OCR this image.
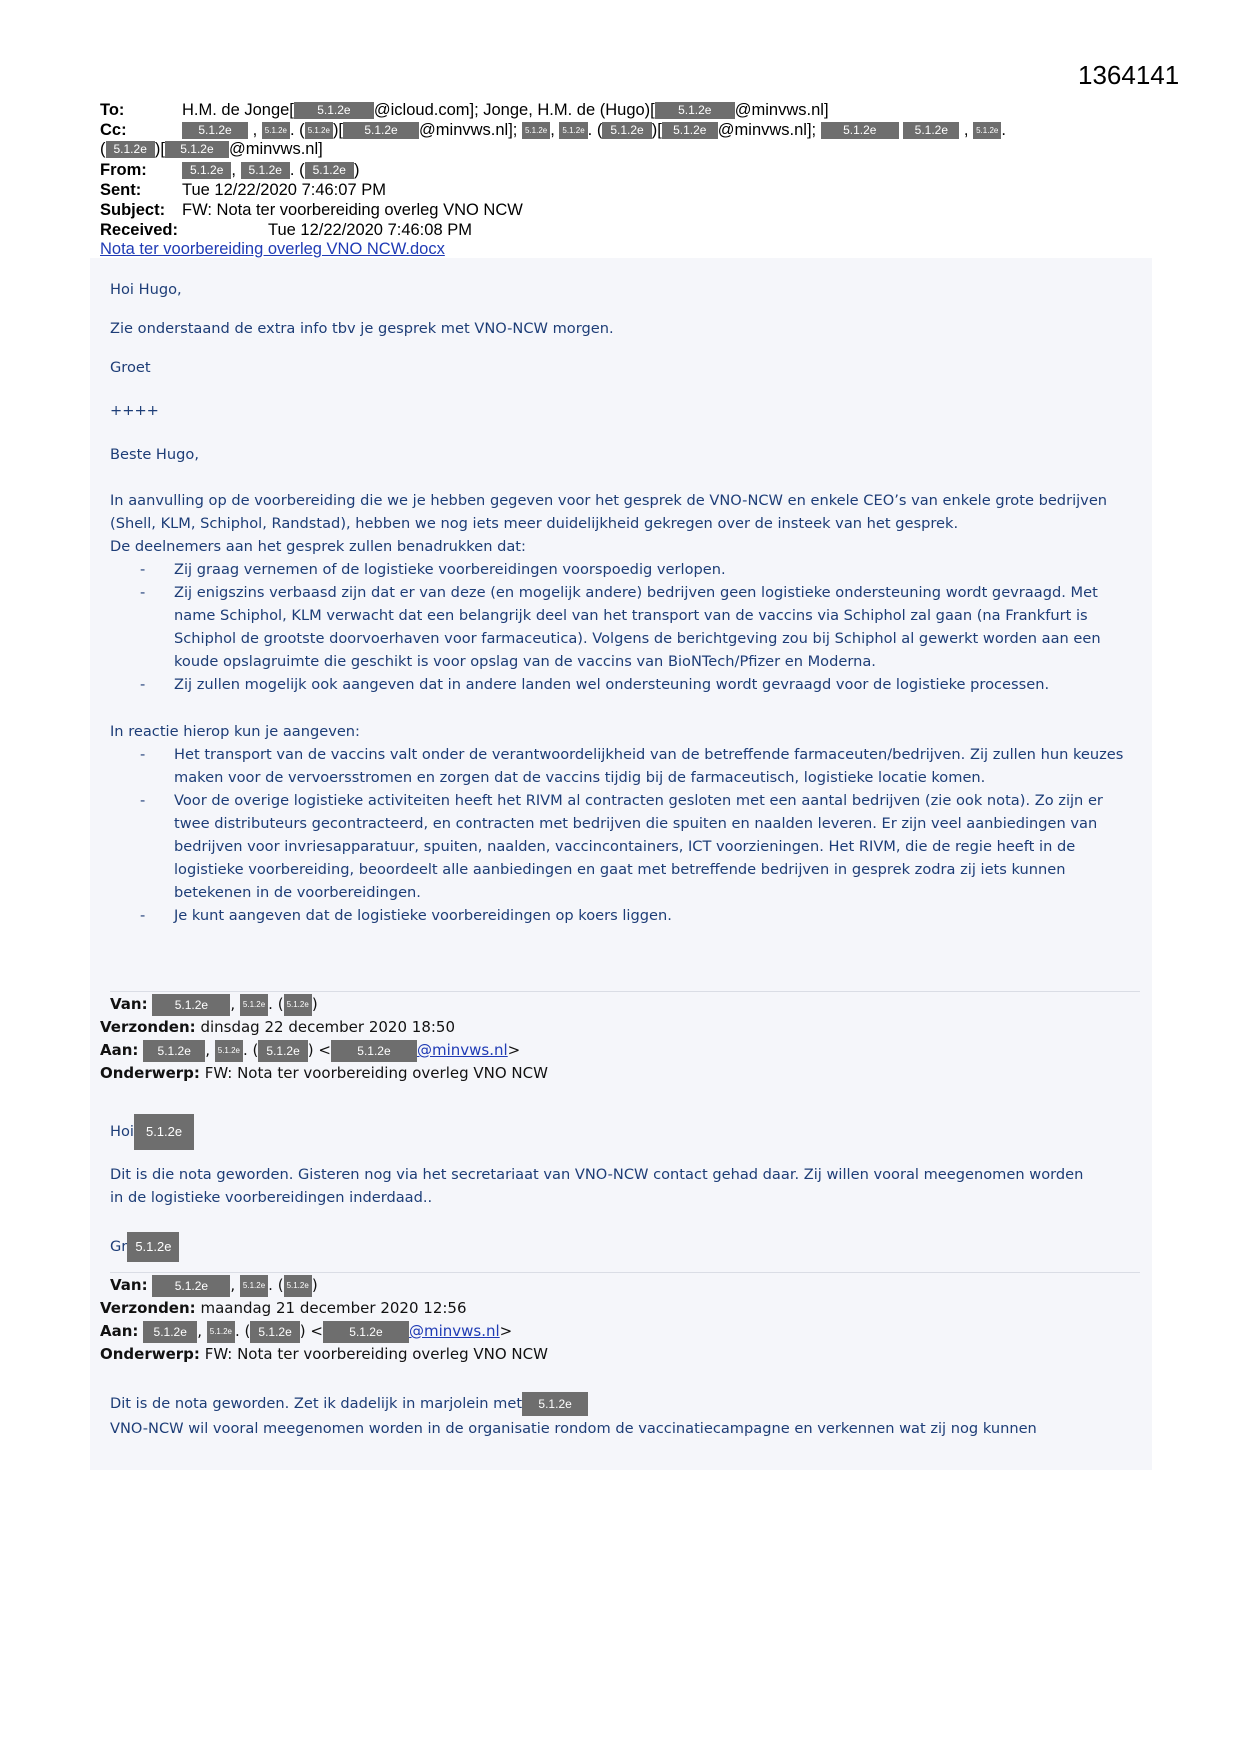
1364141
To:	H.M. de Jonge[ 5.1.2e @icloud.com]; Jonge, H.M. de (Hugo)[ 5.1.2e @minvws.nl]
Cc:	5.1.2e , 5.1.2e . ( 5.1.2e )[ 5.1.2e @minvws.nl]; 5.1.2e , 5.1.2e . ( 5.1.2e )[ 5.1.2e @minvws.nl]; 5.1.2e	5.1.2e , 5.1.2e .
( 5.1.2e )[ 5.1.2e @minvws.nl]
From:	5.1.2e , 5.1.2e . ( 5.1.2e )
Sent: Tue 12/22/2020 7:46:07 PM
Subject: FW: Nota ter voorbereiding overleg VNO NCW
Received:	Tue 12/22/2020 7:46:08 PM
Nota ter voorbereiding overleg VNO NCW.docx
Hoi Hugo,
Zie onderstaand de extra info tbv je gesprek met VNO-NCW morgen.
Groet
++++
Beste Hugo,

In aanvulling op de voorbereiding die we je hebben gegeven voor het gesprek de VNO-NCW en enkele CEO’s van enkele grote bedrijven (Shell, KLM, Schiphol, Randstad), hebben we nog iets meer duidelijkheid gekregen over de insteek van het gesprek.

De deelnemers aan het gesprek zullen benadrukken dat:

- Zij graag vernemen of de logistieke voorbereidingen voorspoedig verlopen.
- Zij enigszins verbaasd zijn dat er van deze (en mogelijk andere) bedrijven geen logistieke ondersteuning wordt gevraagd. Met name Schiphol, KLM verwacht dat een belangrijk deel van het transport van de vaccins via Schiphol zal gaan (na Frankfurt is Schiphol de grootste doorvoerhaven voor farmaceutica). Volgens de berichtgeving zou bij Schiphol al gewerkt worden aan een koude opslagruimte die geschikt is voor opslag van de vaccins van BioNTech/Pfizer en Moderna.
- Zij zullen mogelijk ook aangeven dat in andere landen wel ondersteuning wordt gevraagd voor de logistieke processen.
In reactie hierop kun je aangeven:
- Het transport van de vaccins valt onder de verantwoordelijkheid van de betreffende farmaceuten/bedrijven. Zij zullen hun keuzes maken voor de vervoersstromen en zorgen dat de vaccins tijdig bij de farmaceutisch, logistieke locatie komen.
- Voor de overige logistieke activiteiten heeft het RIVM al contracten gesloten met een aantal bedrijven (zie ook nota). Zo zijn er twee distributeurs gecontracteerd, en contracten met bedrijven die spuiten en naalden leveren. Er zijn veel aanbiedingen van bedrijven voor invriesapparatuur, spuiten, naalden, vaccincontainers, ICT voorzieningen. Het RIVM, die de regie heeft in de logistieke voorbereiding, beoordeelt alle aanbiedingen en gaat met betreffende bedrijven in gesprek zodra zij iets kunnen betekenen in de voorbereidingen.
- Je kunt aangeven dat de logistieke voorbereidingen op koers liggen.
Van: 5.1.2e , 5.1.2e . ( 5.1.2e )
Verzonden: dinsdag 22 december 2020 18:50
Aan: 5.1.2e , 5.1.2e . ( 5.1.2e ) < 5.1.2e @minvws.nl>
Onderwerp: FW: Nota ter voorbereiding overleg VNO NCW
Hoi 5.1.2e
Dit is die nota geworden. Gisteren nog via het secretariaat van VNO-NCW contact gehad daar. Zij willen vooral meegenomen worden in de logistieke voorbereidingen inderdaad..
Gr 5.1.2e
Van: 5.1.2e , 5.1.2e . ( 5.1.2e )
Verzonden: maandag 21 december 2020 12:56
Aan: 5.1.2e , 5.1.2e . ( 5.1.2e ) < 5.1.2e @minvws.nl>
Onderwerp: FW: Nota ter voorbereiding overleg VNO NCW
Dit is de nota geworden. Zet ik dadelijk in marjolein met 5.1.2e
VNO-NCW wil vooral meegenomen worden in de organisatie rondom de vaccinatiecampagne en verkennen wat zij nog kunnen
